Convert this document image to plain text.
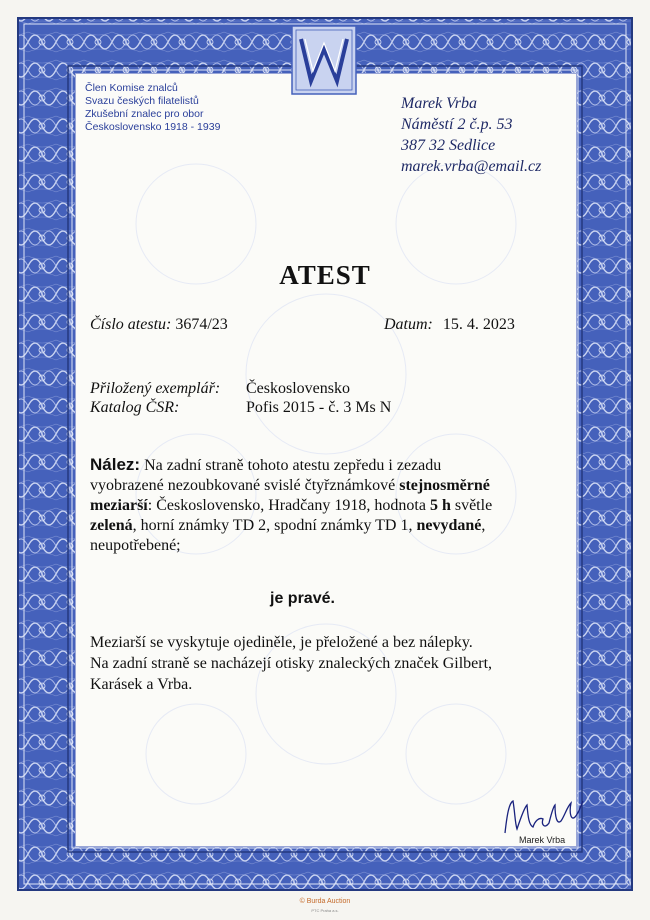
Člen Komise znalců
Svazu českých filatelistů
Zkušební znalec pro obor
Československo 1918 - 1939
Marek Vrba
Náměstí 2 č.p. 53
387 32 Sedlice
marek.vrba@email.cz
ATEST
Číslo atestu: 3674/23	Datum: 15. 4. 2023
Přiložený exemplář: Československo
Katalog ČSR:	Pofis 2015 - č. 3 Ms N
Nález: Na zadní straně tohoto atestu zepředu i zezadu
vyobrazené nezoubkované svislé čtyřznámkové stejnosměrné
meziarší: Československo, Hradčany 1918, hodnota 5 h světle
zelená, horní známky TD 2, spodní známky TD 1, nevydané,
neupotřebené;
je pravé.
Meziarší se vyskytuje ojediněle, je přeložené a bez nálepky.
Na zadní straně se nacházejí otisky znaleckých značek Gilbert,
Karásek a Vrba.
Marek Vrba
© Burda Auction
PTC Praha a.s.
